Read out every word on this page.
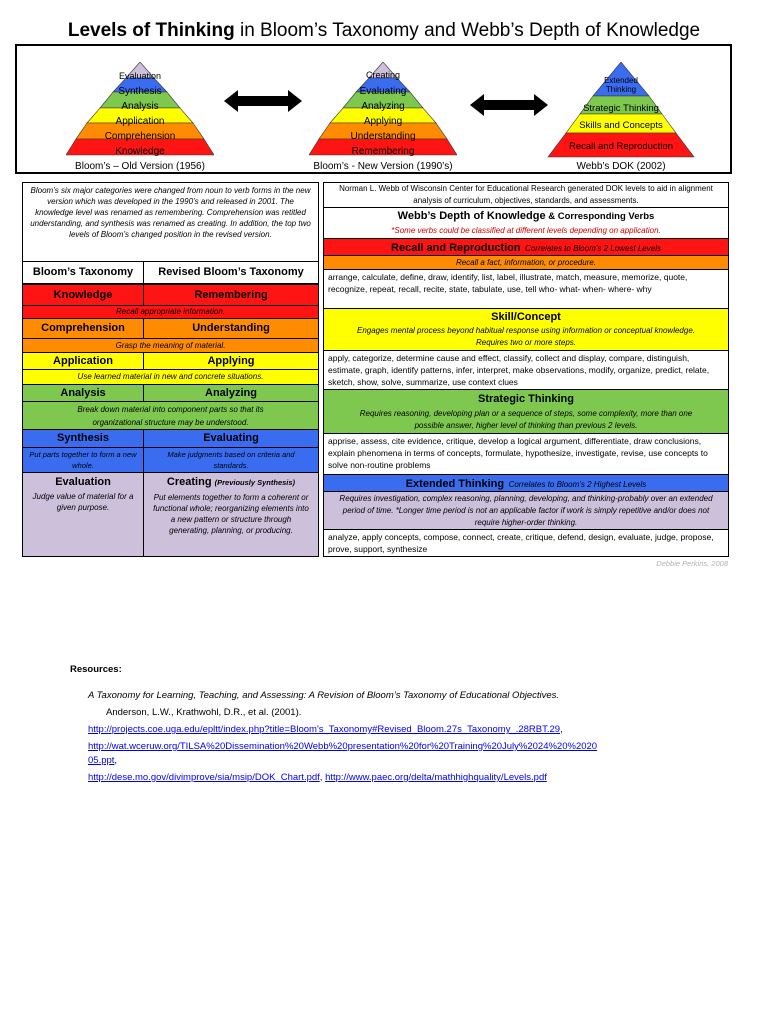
Levels of Thinking in Bloom’s Taxonomy and Webb’s Depth of Knowledge
Evaluation
Synthesis
Analysis
Application
Comprehension
Knowledge
Bloom’s – Old Version (1956)
Creating
Evaluating
Analyzing
Applying
Understanding
Remembering
Bloom’s - New Version (1990’s)
Extended Thinking
Strategic Thinking
Skills and Concepts
Recall and Reproduction
Webb’s DOK (2002)
Bloom’s six major categories were changed from noun to verb forms in the new version which was developed in the 1990’s and released in 2001. The knowledge level was renamed as remembering. Comprehension was retitled understanding, and synthesis was renamed as creating. In addition, the top two levels of Bloom’s changed position in the revised version.
Bloom’s Taxonomy	Revised Bloom’s Taxonomy
Knowledge	Remembering
Recall appropriate information.
Comprehension	Understanding
Grasp the meaning of material.
Application	Applying
Use learned material in new and concrete situations.
Analysis	Analyzing
Break down material into component parts so that its organizational structure may be understood.
Synthesis	Evaluating
Put parts together to form a new whole.
Make judgments based on criteria and standards.
Evaluation
Judge value of material for a given purpose.
Creating (Previously Synthesis)
Put elements together to form a coherent or functional whole; reorganizing elements into a new pattern or structure through generating, planning, or producing.
Norman L. Webb of Wisconsin Center for Educational Research generated DOK levels to aid in alignment analysis of curriculum, objectives, standards, and assessments.
Webb’s Depth of Knowledge & Corresponding Verbs
*Some verbs could be classified at different levels depending on application.
Recall and Reproduction Correlates to Bloom’s 2 Lowest Levels
Recall a fact, information, or procedure.
arrange, calculate, define, draw, identify, list, label, illustrate, match, measure, memorize, quote, recognize, repeat, recall, recite, state, tabulate, use, tell who- what- when- where- why
Skill/Concept
Engages mental process beyond habitual response using information or conceptual knowledge. Requires two or more steps.
apply, categorize, determine cause and effect, classify, collect and display, compare, distinguish, estimate, graph, identify patterns, infer, interpret, make observations, modify, organize, predict, relate, sketch, show, solve, summarize, use context clues
Strategic Thinking
Requires reasoning, developing plan or a sequence of steps, some complexity, more than one possible answer, higher level of thinking than previous 2 levels.
apprise, assess, cite evidence, critique, develop a logical argument, differentiate, draw conclusions, explain phenomena in terms of concepts, formulate, hypothesize, investigate, revise, use concepts to solve non-routine problems
Extended Thinking Correlates to Bloom’s 2 Highest Levels
Requires investigation, complex reasoning, planning, developing, and thinking-probably over an extended period of time. *Longer time period is not an applicable factor if work is simply repetitive and/or does not require higher-order thinking.
analyze, apply concepts, compose, connect, create, critique, defend, design, evaluate, judge, propose, prove, support, synthesize
Debbie Perkins, 2008
Resources:
A Taxonomy for Learning, Teaching, and Assessing: A Revision of Bloom’s Taxonomy of Educational Objectives.
Anderson, L.W., Krathwohl, D.R., et al. (2001).
http://projects.coe.uga.edu/epltt/index.php?title=Bloom's_Taxonomy#Revised_Bloom.27s_Taxonomy_.28RBT.29,
http://wat.wceruw.org/TILSA%20Dissemination%20Webb%20presentation%20for%20Training%20July%2024%20%2020
05.ppt,
http://dese.mo.gov/divimprove/sia/msip/DOK_Chart.pdf, http://www.paec.org/delta/mathhighquality/Levels.pdf
